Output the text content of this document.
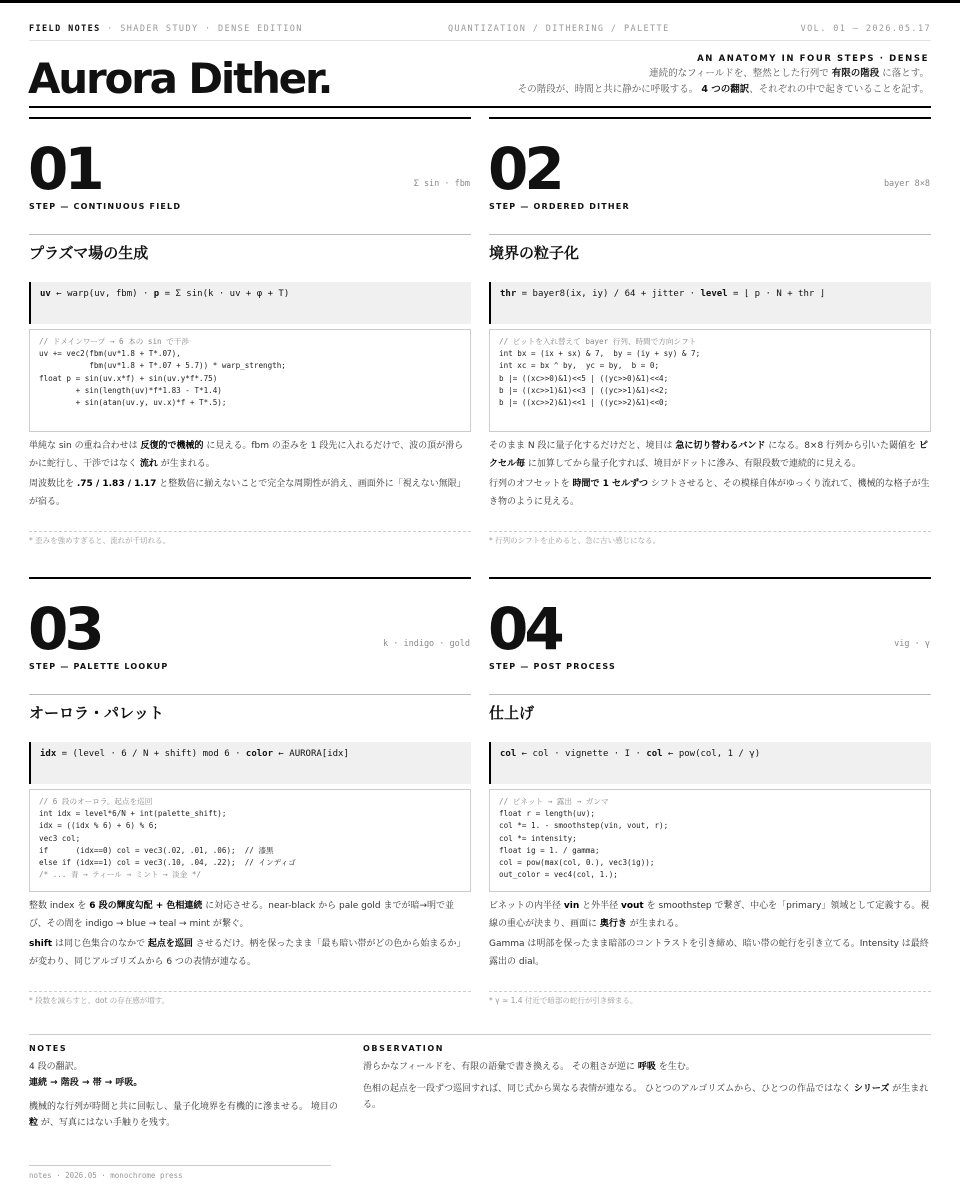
FIELD NOTES · SHADER STUDY · DENSE EDITION	QUANTIZATION / DITHERING / PALETTE	VOL. 01 — 2026.05.17
Aurora Dither.	AN ANATOMY IN FOUR STEPS · DENSE
連続的なフィールドを、整然とした行列で 有限の階段 に落とす。
その階段が、時間と共に静かに呼吸する。 4 つの翻訳、それぞれの中で起きていることを記す。
01	Σ sin · fbm
STEP — CONTINUOUS FIELD
プラズマ場の生成
uv ← warp(uv, fbm) · p = Σ sin(k · uv + φ + T)
// ドメインワープ → 6 本の sin で干渉
uv += vec2(fbm(uv*1.8 + T*.07),
fbm(uv*1.8 + T*.07 + 5.7)) * warp_strength;
float p = sin(uv.x*f) + sin(uv.y*f*.75)
+ sin(length(uv)*f*1.83 - T*1.4)
+ sin(atan(uv.y, uv.x)*f + T*.5);

単純な sin の重ね合わせは 反復的で機械的 に見える。fbm の歪みを 1 段先に入れるだけで、波の頂が滑らかに蛇行し、干渉ではなく 流れ が生まれる。

周波数比を .75 / 1.83 / 1.17 と整数倍に揃えないことで完全な周期性が消え、画面外に「視えない無限」が宿る。

* 歪みを強めすぎると、流れが千切れる。
02	bayer 8×8
STEP — ORDERED DITHER
境界の粒子化
thr = bayer8(ix, iy) / 64 + jitter · level = ⌊ p · N + thr ⌋
// ビットを入れ替えて bayer 行列、時間で方向シフト
int bx = (ix + sx) & 7,  by = (iy + sy) & 7;
int xc = bx ^ by,  yc = by,  b = 0;
b |= ((xc>>0)&1)<<5 | ((yc>>0)&1)<<4;
b |= ((xc>>1)&1)<<3 | ((yc>>1)&1)<<2;
b |= ((xc>>2)&1)<<1 | ((yc>>2)&1)<<0;

そのまま N 段に量子化するだけだと、境目は 急に切り替わるバンド になる。8×8 行列から引いた閾値を ピクセル毎 に加算してから量子化すれば、境目がドットに滲み、有限段数で連続的に見える。

行列のオフセットを 時間で 1 セルずつ シフトさせると、その模様自体がゆっくり流れて、機械的な格子が生き物のように見える。

* 行列のシフトを止めると、急に古い感じになる。
03	k · indigo · gold
STEP — PALETTE LOOKUP
オーロラ・パレット
idx = (level · 6 / N + shift) mod 6 · color ← AURORA[idx]
// 6 段のオーロラ。起点を巡回
int idx = level*6/N + int(palette_shift);
idx = ((idx % 6) + 6) % 6;
vec3 col;
if      (idx==0) col = vec3(.02, .01, .06);  // 漆黒
else if (idx==1) col = vec3(.10, .04, .22);  // インディゴ
/* ... 青 → ティール → ミント → 淡金 */

整数 index を 6 段の輝度勾配 + 色相連続 に対応させる。near-black から pale gold までが暗→明で並び、その間を indigo → blue → teal → mint が繋ぐ。

shift は同じ色集合のなかで 起点を巡回 させるだけ。柄を保ったまま「最も暗い帯がどの色から始まるか」が変わり、同じアルゴリズムから 6 つの表情が連なる。

* 段数を減らすと、dot の存在感が増す。
04	vig · γ
STEP — POST PROCESS
仕上げ
col ← col · vignette · I · col ← pow(col, 1 / γ)
// ビネット → 露出 → ガンマ
float r = length(uv);
col *= 1. - smoothstep(vin, vout, r);
col *= intensity;
float ig = 1. / gamma;
col = pow(max(col, 0.), vec3(ig));
out_color = vec4(col, 1.);

ビネットの内半径 vin と外半径 vout を smoothstep で繋ぎ、中心を「primary」領域として定義する。視線の重心が決まり、画面に 奥行き が生まれる。

Gamma は明部を保ったまま暗部のコントラストを引き締め、暗い帯の蛇行を引き立てる。Intensity は最終露出の dial。

* γ ≈ 1.4 付近で暗部の蛇行が引き締まる。
NOTES
4 段の翻訳。
連続 → 階段 → 帯 → 呼吸。

機械的な行列が時間と共に回転し、量子化境界を有機的に滲ませる。 境目の 粒 が、写真にはない手触りを残す。

OBSERVATION

滑らかなフィールドを、有限の語彙で書き換える。 その粗さが逆に 呼吸 を生む。

色相の起点を一段ずつ巡回すれば、同じ式から異なる表情が連なる。 ひとつのアルゴリズムから、ひとつの作品ではなく シリーズ が生まれる。

notes · 2026.05 · monochrome press
